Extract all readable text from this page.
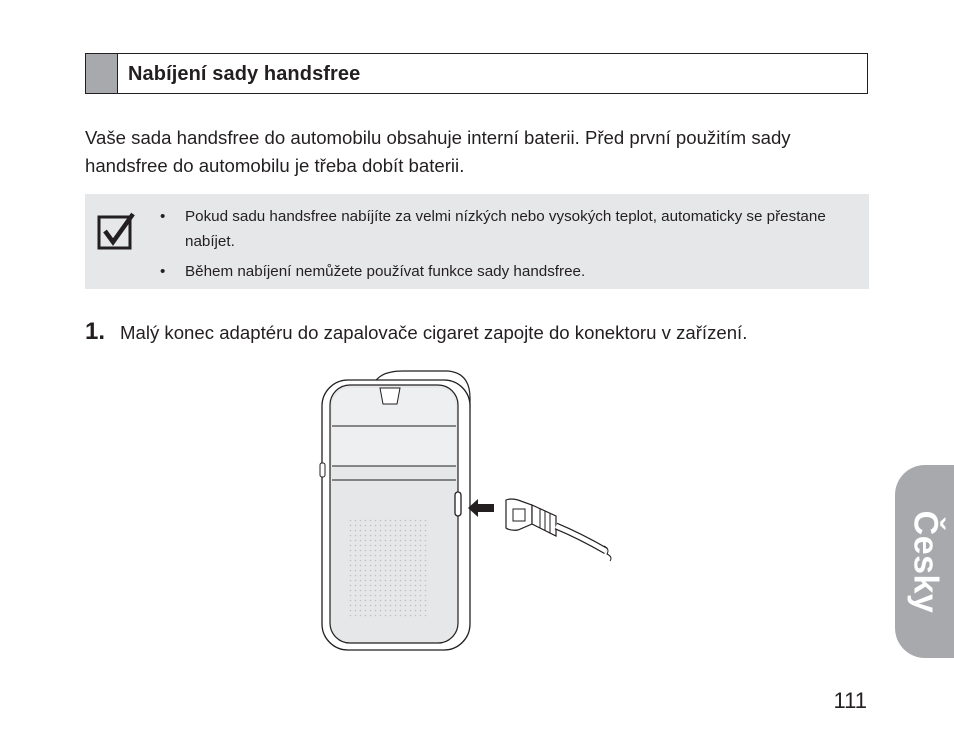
Nabíjení sady handsfree

Vaše sada handsfree do automobilu obsahuje interní baterii. Před první použitím sady handsfree do automobilu je třeba dobít baterii.

• Pokud sadu handsfree nabíjíte za velmi nízkých nebo vysokých teplot, automaticky se přestane nabíjet.
• Během nabíjení nemůžete používat funkce sady handsfree.
1. Malý konec adaptéru do zapalovače cigaret zapojte do konektoru v zařízení.
Česky
111
